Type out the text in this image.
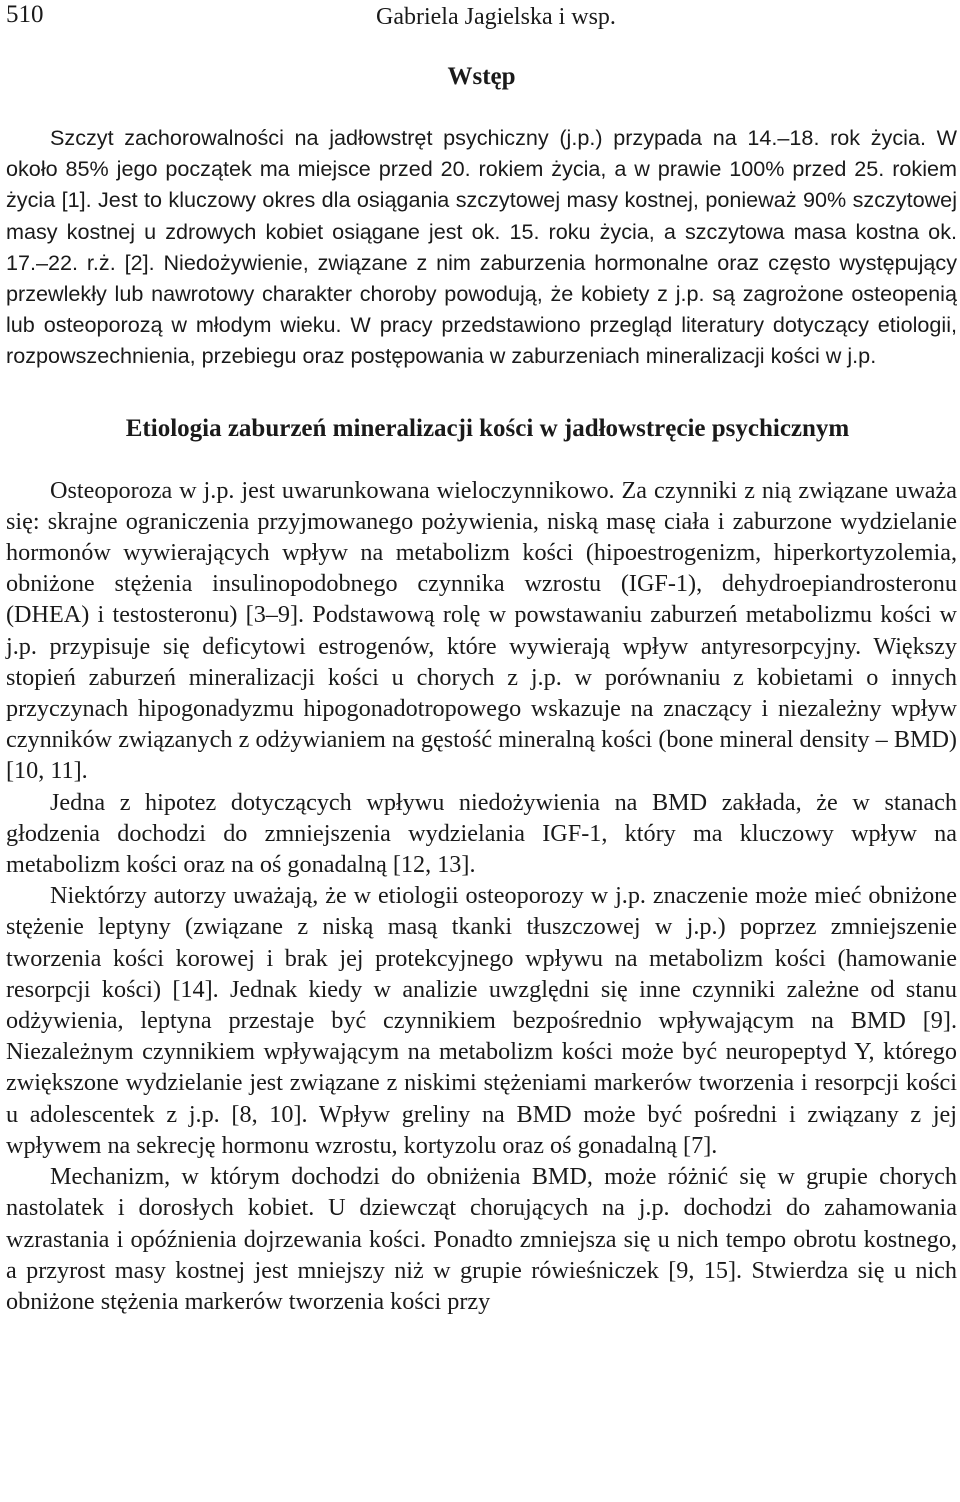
510	Gabriela Jagielska i wsp.
Wstęp

Szczyt zachorowalności na jadłowstręt psychiczny (j.p.) przypada na 14.–18. rok życia. W około 85% jego początek ma miejsce przed 20. rokiem życia, a w prawie 100% przed 25. rokiem życia [1]. Jest to kluczowy okres dla osiągania szczytowej masy kostnej, ponieważ 90% szczytowej masy kostnej u zdrowych kobiet osiągane jest ok. 15. roku życia, a szczytowa masa kostna ok. 17.–22. r.ż. [2]. Niedożywienie, związane z nim zaburzenia hormonalne oraz często występujący przewlekły lub nawrotowy charakter choroby powodują, że kobiety z j.p. są zagrożone osteopenią lub osteoporozą w młodym wieku. W pracy przedstawiono przegląd literatury dotyczący etiologii, rozpowszechnienia, przebiegu oraz postępowania w zaburzeniach mineralizacji kości w j.p.

Etiologia zaburzeń mineralizacji kości w jadłowstręcie psychicznym

Osteoporoza w j.p. jest uwarunkowana wieloczynnikowo. Za czynniki z nią związane uważa się: skrajne ograniczenia przyjmowanego pożywienia, niską masę ciała i zaburzone wydzielanie hormonów wywierających wpływ na metabolizm kości (hipoestrogenizm, hiperkortyzolemia, obniżone stężenia insulinopodobnego czynnika wzrostu (IGF-1), dehydroepiandrosteronu (DHEA) i testosteronu) [3–9]. Podstawową rolę w powstawaniu zaburzeń metabolizmu kości w j.p. przypisuje się deficytowi estrogenów, które wywierają wpływ antyresorpcyjny. Większy stopień zaburzeń mineralizacji kości u chorych z j.p. w porównaniu z kobietami o innych przyczynach hipogonadyzmu hipogonadotropowego wskazuje na znaczący i niezależny wpływ czynników związanych z odżywianiem na gęstość mineralną kości (bone mineral density – BMD) [10, 11].

Jedna z hipotez dotyczących wpływu niedożywienia na BMD zakłada, że w stanach głodzenia dochodzi do zmniejszenia wydzielania IGF-1, który ma kluczowy wpływ na metabolizm kości oraz na oś gonadalną [12, 13].

Niektórzy autorzy uważają, że w etiologii osteoporozy w j.p. znaczenie może mieć obniżone stężenie leptyny (związane z niską masą tkanki tłuszczowej w j.p.) poprzez zmniejszenie tworzenia kości korowej i brak jej protekcyjnego wpływu na metabolizm kości (hamowanie resorpcji kości) [14]. Jednak kiedy w analizie uwzględni się inne czynniki zależne od stanu odżywienia, leptyna przestaje być czynnikiem bezpośrednio wpływającym na BMD [9]. Niezależnym czynnikiem wpływającym na metabolizm kości może być neuropeptyd Y, którego zwiększone wydzielanie jest związane z niskimi stężeniami markerów tworzenia i resorpcji kości u adolescentek z j.p. [8, 10]. Wpływ greliny na BMD może być pośredni i związany z jej wpływem na sekrecję hormonu wzrostu, kortyzolu oraz oś gonadalną [7].

Mechanizm, w którym dochodzi do obniżenia BMD, może różnić się w grupie chorych nastolatek i dorosłych kobiet. U dziewcząt chorujących na j.p. dochodzi do zahamowania wzrastania i opóźnienia dojrzewania kości. Ponadto zmniejsza się u nich tempo obrotu kostnego, a przyrost masy kostnej jest mniejszy niż w grupie rówieśniczek [9, 15]. Stwierdza się u nich obniżone stężenia markerów tworzenia kości przy
